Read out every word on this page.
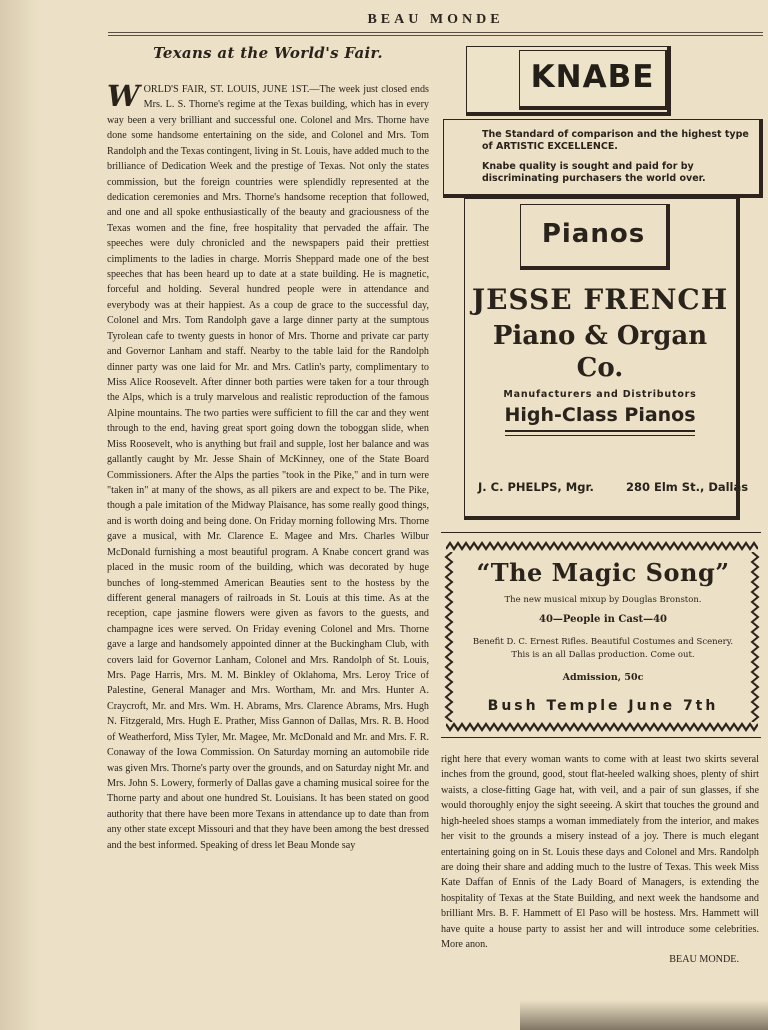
BEAU MONDE
Texans at the World's Fair.

WORLD'S FAIR, ST. LOUIS, JUNE 1ST.—The week just closed ends Mrs. L. S. Thorne's regime at the Texas building, which has in every way been a very brilliant and successful one. Colonel and Mrs. Thorne have done some handsome entertaining on the side, and Colonel and Mrs. Tom Randolph and the Texas contingent, living in St. Louis, have added much to the brilliance of Dedication Week and the prestige of Texas. Not only the states commission, but the foreign countries were splendidly represented at the dedication ceremonies and Mrs. Thorne's handsome reception that followed, and one and all spoke enthusiastically of the beauty and graciousness of the Texas women and the fine, free hospitality that pervaded the affair. The speeches were duly chronicled and the newspapers paid their prettiest cimpliments to the ladies in charge. Morris Sheppard made one of the best speeches that has been heard up to date at a state building. He is magnetic, forceful and holding. Several hundred people were in attendance and everybody was at their happiest. As a coup de grace to the successful day, Colonel and Mrs. Tom Randolph gave a large dinner party at the sumptous Tyrolean cafe to twenty guests in honor of Mrs. Thorne and private car party and Governor Lanham and staff. Nearby to the table laid for the Randolph dinner party was one laid for Mr. and Mrs. Catlin's party, complimentary to Miss Alice Roosevelt. After dinner both parties were taken for a tour through the Alps, which is a truly marvelous and realistic reproduction of the famous Alpine mountains. The two parties were sufficient to fill the car and they went through to the end, having great sport going down the toboggan slide, when Miss Roosevelt, who is anything but frail and supple, lost her balance and was gallantly caught by Mr. Jesse Shain of McKinney, one of the State Board Commissioners. After the Alps the parties "took in the Pike," and in turn were "taken in" at many of the shows, as all pikers are and expect to be. The Pike, though a pale imitation of the Midway Plaisance, has some really good things, and is worth doing and being done. On Friday morning following Mrs. Thorne gave a musical, with Mr. Clarence E. Magee and Mrs. Charles Wilbur McDonald furnishing a most beautiful program. A Knabe concert grand was placed in the music room of the building, which was decorated by huge bunches of long-stemmed American Beauties sent to the hostess by the different general managers of railroads in St. Louis at this time. As at the reception, cape jasmine flowers were given as favors to the guests, and champagne ices were served. On Friday evening Colonel and Mrs. Thorne gave a large and handsomely appointed dinner at the Buckingham Club, with covers laid for Governor Lanham, Colonel and Mrs. Randolph of St. Louis, Mrs. Page Harris, Mrs. M. M. Binkley of Oklahoma, Mrs. Leroy Trice of Palestine, General Manager and Mrs. Wortham, Mr. and Mrs. Hunter A. Craycroft, Mr. and Mrs. Wm. H. Abrams, Mrs. Clarence Abrams, Mrs. Hugh N. Fitzgerald, Mrs. Hugh E. Prather, Miss Gannon of Dallas, Mrs. R. B. Hood of Weatherford, Miss Tyler, Mr. Magee, Mr. McDonald and Mr. and Mrs. F. R. Conaway of the Iowa Commission. On Saturday morning an automobile ride was given Mrs. Thorne's party over the grounds, and on Saturday night Mr. and Mrs. John S. Lowery, formerly of Dallas gave a chaming musical soiree for the Thorne party and about one hundred St. Louisians. It has been stated on good authority that there have been more Texans in attendance up to date than from any other state except Missouri and that they have been among the best dressed and the best informed. Speaking of dress let Beau Monde say

KNABE

The Standard of comparison and the highest type of ARTISTIC EXCELLENCE.

Knabe quality is sought and paid for by discriminating purchasers the world over.

Pianos
JESSE FRENCH
Piano & Organ Co.
Manufacturers and Distributors
High-Class Pianos
J. C. PHELPS, Mgr.	280 Elm St., Dallas
“The Magic Song”
The new musical mixup by Douglas Bronston.
40—People in Cast—40
Benefit D. C. Ernest Rifles. Beautiful Costumes and Scenery.
This is an all Dallas production. Come out.
Admission, 50c
Bush Temple June 7th

right here that every woman wants to come with at least two skirts several inches from the ground, good, stout flat-heeled walking shoes, plenty of shirt waists, a close-fitting Gage hat, with veil, and a pair of sun glasses, if she would thoroughly enjoy the sight seeeing. A skirt that touches the ground and high-heeled shoes stamps a woman immediately from the interior, and makes her visit to the grounds a misery instead of a joy. There is much elegant entertaining going on in St. Louis these days and Colonel and Mrs. Randolph are doing their share and adding much to the lustre of Texas. This week Miss Kate Daffan of Ennis of the Lady Board of Managers, is extending the hospitality of Texas at the State Building, and next week the handsome and brilliant Mrs. B. F. Hammett of El Paso will be hostess. Mrs. Hammett will have quite a house party to assist her and will introduce some celebrities. More anon.
BEAU MONDE.
